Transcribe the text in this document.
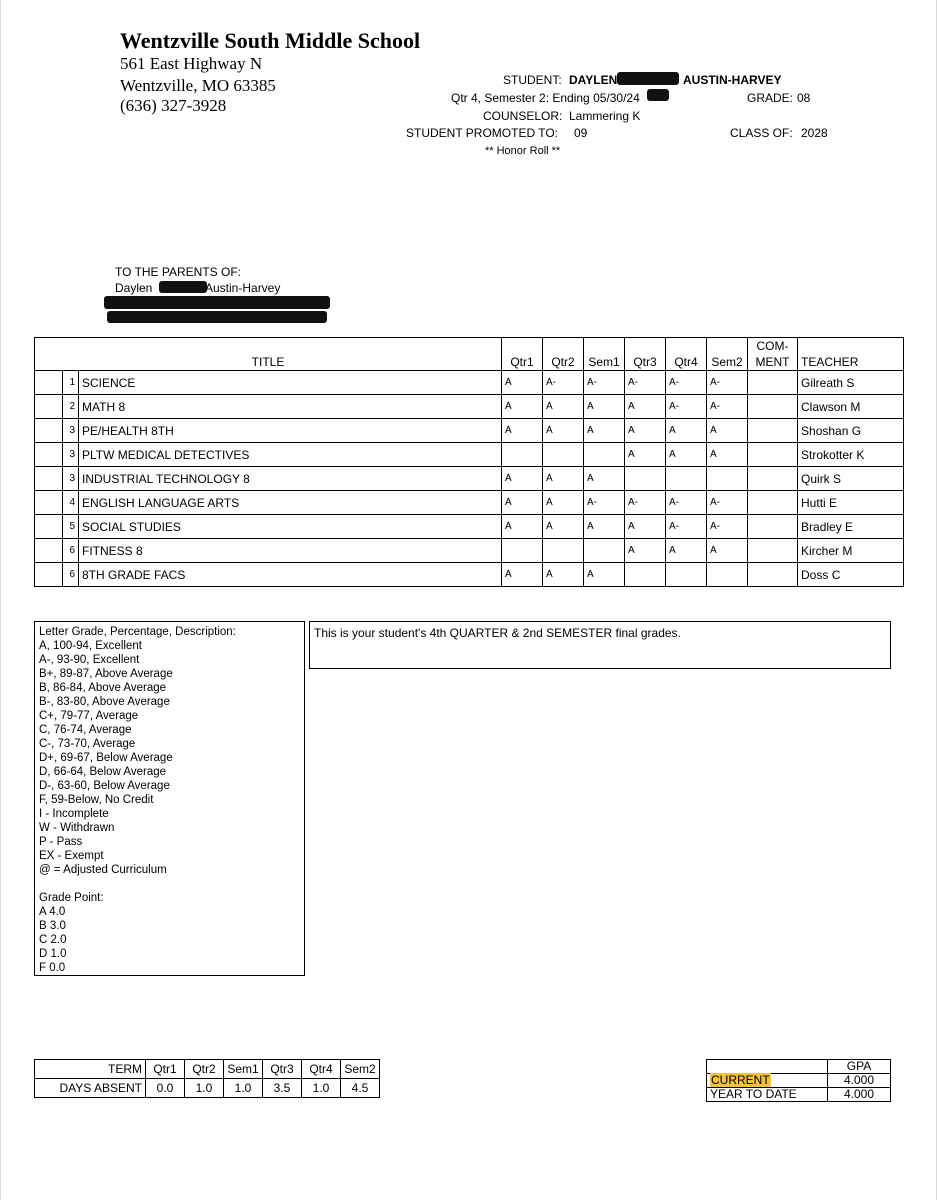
Wentzville South Middle School
561 East Highway N
Wentzville, MO 63385
(636) 327-3928
STUDENT: DAYLEN	AUSTIN-HARVEY
Qtr 4, Semester 2: Ending 05/30/24	GRADE: 08
COUNSELOR: Lammering K
STUDENT PROMOTED TO: 09	CLASS OF: 2028
** Honor Roll **
TO THE PARENTS OF:
Daylen	Austin-Harvey
									COM-	
TITLE			Qtr1	Qtr2	Sem1	Qtr3	Qtr4	Sem2	MENT	TEACHER
	1	SCIENCE	A	A-	A-	A-	A-	A-		Gilreath S
	2	MATH 8	A	A	A	A	A-	A-		Clawson M
	3	PE/HEALTH 8TH	A	A	A	A	A	A		Shoshan G
	3	PLTW MEDICAL DETECTIVES				A	A	A		Strokotter K
	3	INDUSTRIAL TECHNOLOGY 8	A	A	A					Quirk S
	4	ENGLISH LANGUAGE ARTS	A	A	A-	A-	A-	A-		Hutti E
	5	SOCIAL STUDIES	A	A	A	A	A-	A-		Bradley E
	6	FITNESS 8				A	A	A		Kircher M
	6	8TH GRADE FACS	A	A	A					Doss C
Letter Grade, Percentage, Description:
A, 100-94, Excellent
A-, 93-90, Excellent
B+, 89-87, Above Average
B, 86-84, Above Average
B-, 83-80, Above Average
C+, 79-77, Average
C, 76-74, Average
C-, 73-70, Average
D+, 69-67, Below Average
D, 66-64, Below Average
D-, 63-60, Below Average
F, 59-Below, No Credit
I - Incomplete
W - Withdrawn
P - Pass
EX - Exempt
@ = Adjusted Curriculum
Grade Point:
A 4.0
B 3.0
C 2.0
D 1.0
F 0.0
This is your student's 4th QUARTER & 2nd SEMESTER final grades.
TERM	Qtr1	Qtr2	Sem1	Qtr3	Qtr4	Sem2
DAYS ABSENT	0.0	1.0	1.0	3.5	1.0	4.5
	GPA
CURRENT	4.000
YEAR TO DATE	4.000
